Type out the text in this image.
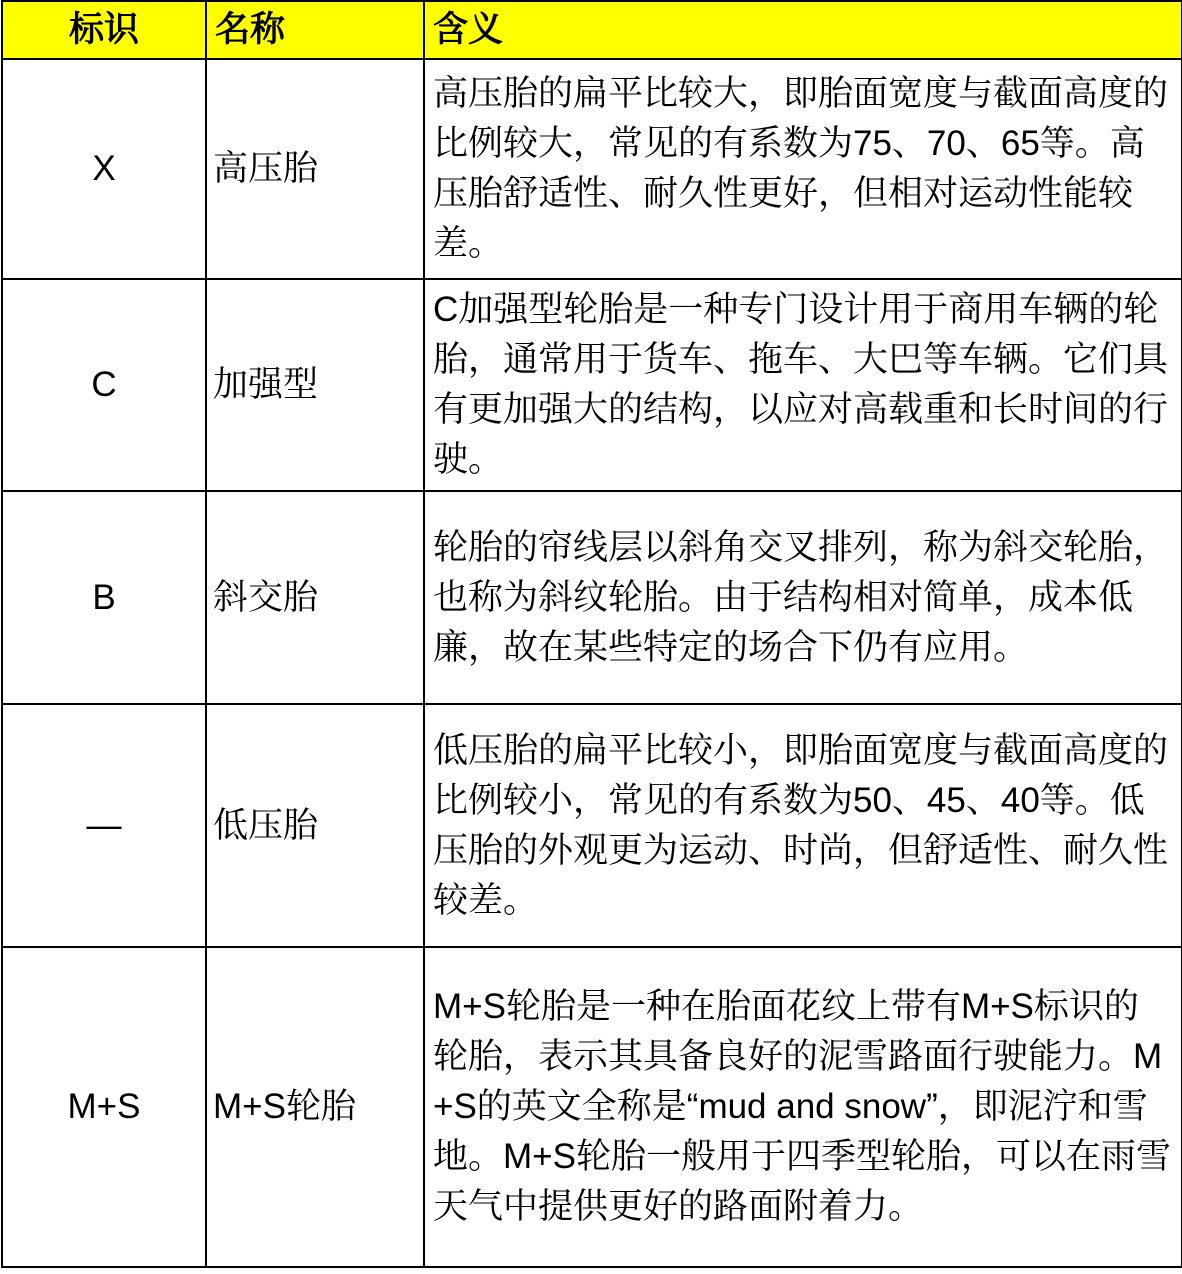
标识	名称	含义
X	高压胎	高压胎的扁平比较大，即胎面宽度与截面高度的比例较大，常见的有系数为75、70、65等。高压胎舒适性、耐久性更好，但相对运动性能较差。
C	加强型	C加强型轮胎是一种专门设计用于商用车辆的轮胎，通常用于货车、拖车、大巴等车辆。它们具有更加强大的结构，以应对高载重和长时间的行驶。
B	斜交胎	轮胎的帘线层以斜角交叉排列，称为斜交轮胎，也称为斜纹轮胎。由于结构相对简单，成本低廉，故在某些特定的场合下仍有应用。
—	低压胎	低压胎的扁平比较小，即胎面宽度与截面高度的比例较小，常见的有系数为50、45、40等。低压胎的外观更为运动、时尚，但舒适性、耐久性较差。
M+S	M+S轮胎	M+S轮胎是一种在胎面花纹上带有M+S标识的轮胎，表示其具备良好的泥雪路面行驶能力。M+S的英文全称是“mud and snow”，即泥泞和雪地。M+S轮胎一般用于四季型轮胎，可以在雨雪天气中提供更好的路面附着力。
